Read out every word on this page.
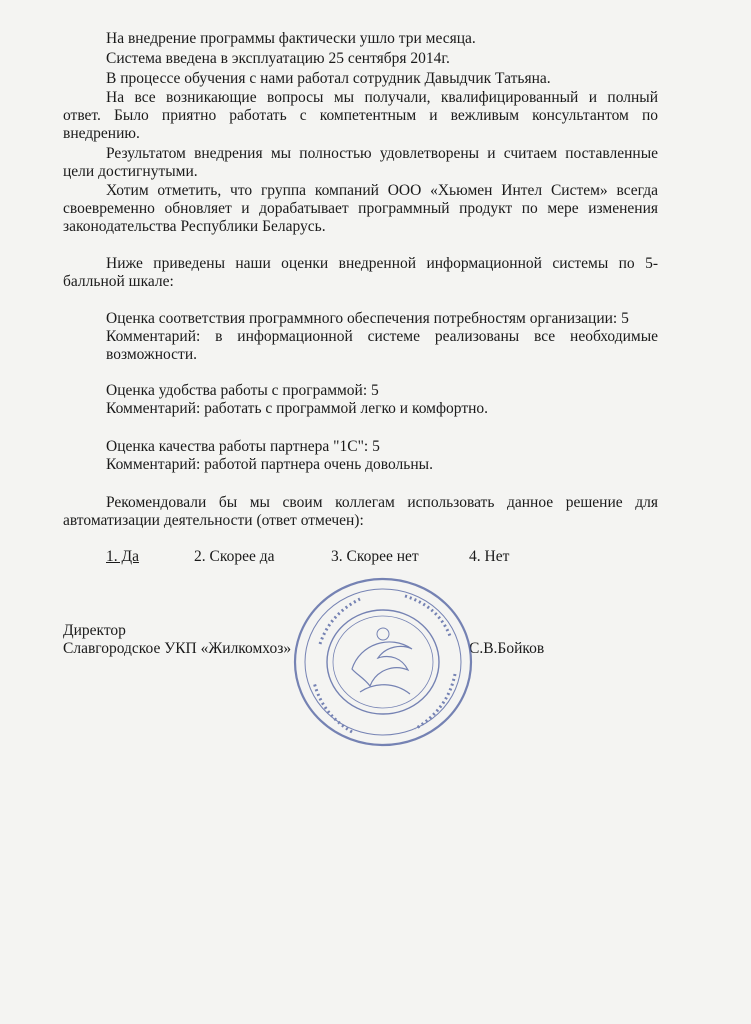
На внедрение программы фактически ушло три месяца.
Система введена в эксплуатацию 25 сентября 2014г.
В процессе обучения с нами работал сотрудник Давыдчик Татьяна.
На все возникающие вопросы мы получали, квалифицированный и полный
ответ. Было приятно работать с компетентным и вежливым консультантом по
внедрению.
Результатом внедрения мы полностью удовлетворены и считаем поставленные
цели достигнутыми.
Хотим отметить, что группа компаний ООО «Хьюмен Интел Систем» всегда
своевременно обновляет и дорабатывает программный продукт по мере изменения
законодательства Республики Беларусь.
Ниже приведены наши оценки внедренной информационной системы по 5-
балльной шкале:
Оценка соответствия программного обеспечения потребностям организации: 5
Комментарий: в информационной системе реализованы все необходимые
возможности.
Оценка удобства работы с программой: 5
Комментарий: работать с программой легко и комфортно.
Оценка качества работы партнера "1С": 5
Комментарий: работой партнера очень довольны.
Рекомендовали бы мы своим коллегам использовать данное решение для
автоматизации деятельности (ответ отмечен):
1. Да	2. Скорее да	3. Скорее нет	4. Нет
Директор
Славгородское УКП «Жилкомхоз»	С.В.Бойков
